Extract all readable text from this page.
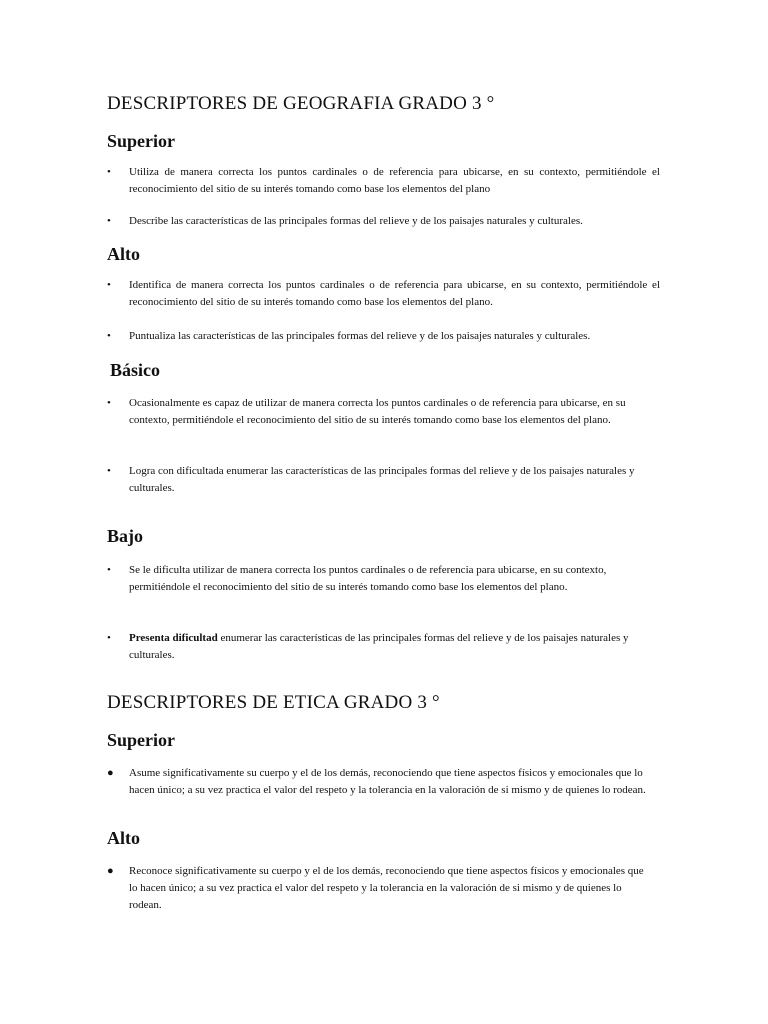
DESCRIPTORES DE GEOGRAFIA GRADO 3 °
Superior
• Utiliza de manera correcta los puntos cardinales o de referencia para ubicarse, en su contexto, permitiéndole el reconocimiento del sitio de su interés tomando como base los elementos del plano
• Describe las características de las principales formas del relieve y de los paisajes naturales y culturales.
Alto
• Identifica de manera correcta los puntos cardinales o de referencia para ubicarse, en su contexto, permitiéndole el reconocimiento del sitio de su interés tomando como base los elementos del plano.
• Puntualiza las características de las principales formas del relieve y de los paisajes naturales y culturales.
Básico
• Ocasionalmente es capaz de utilizar de manera correcta los puntos cardinales o de referencia para ubicarse, en su contexto, permitiéndole el reconocimiento del sitio de su interés tomando como base los elementos del plano.
• Logra con dificultada enumerar las características de las principales formas del relieve y de los paisajes naturales y culturales.
Bajo
• Se le dificulta utilizar de manera correcta los puntos cardinales o de referencia para ubicarse, en su contexto, permitiéndole el reconocimiento del sitio de su interés tomando como base los elementos del plano.
• Presenta dificultad enumerar las características de las principales formas del relieve y de los paisajes naturales y culturales.
DESCRIPTORES DE ETICA GRADO 3 °
Superior
● Asume significativamente su cuerpo y el de los demás, reconociendo que tiene aspectos físicos y emocionales que lo hacen único; a su vez practica el valor del respeto y la tolerancia en la valoración de si mismo y de quienes lo rodean.
Alto
● Reconoce significativamente su cuerpo y el de los demás, reconociendo que tiene aspectos físicos y emocionales que lo hacen único; a su vez practica el valor del respeto y la tolerancia en la valoración de si mismo y de quienes lo rodean.
